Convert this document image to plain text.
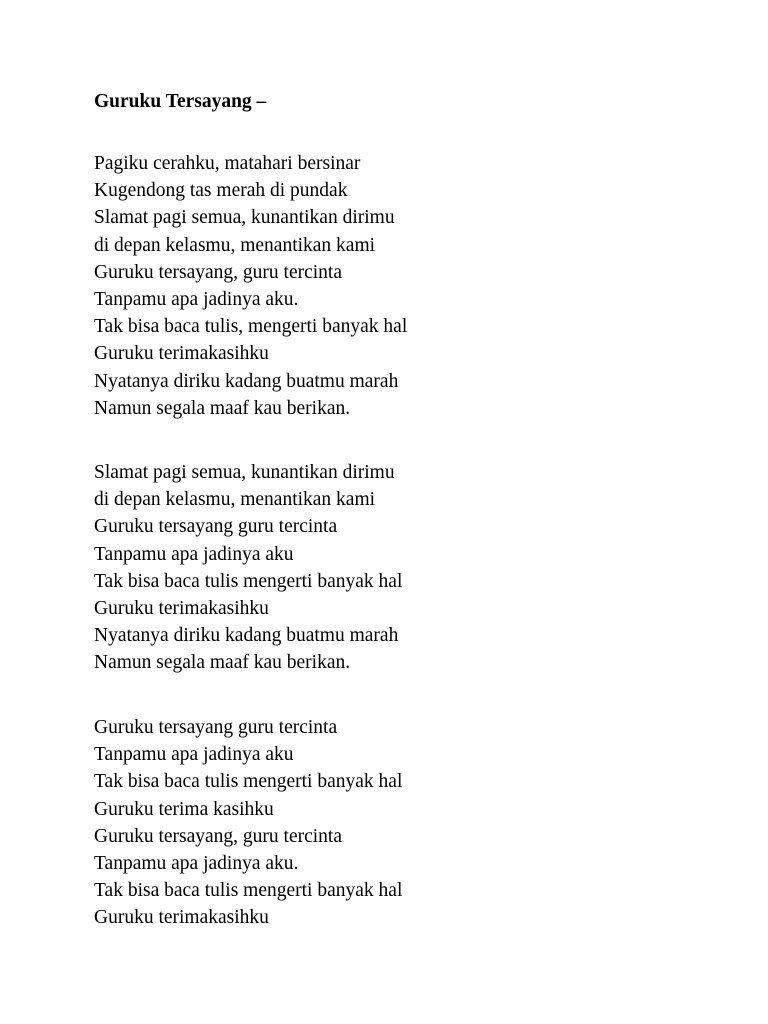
Guruku Tersayang –
Pagiku cerahku, matahari bersinar
Kugendong tas merah di pundak
Slamat pagi semua, kunantikan dirimu
di depan kelasmu, menantikan kami
Guruku tersayang, guru tercinta
Tanpamu apa jadinya aku.
Tak bisa baca tulis, mengerti banyak hal
Guruku terimakasihku
Nyatanya diriku kadang buatmu marah
Namun segala maaf kau berikan.
Slamat pagi semua, kunantikan dirimu
di depan kelasmu, menantikan kami
Guruku tersayang guru tercinta
Tanpamu apa jadinya aku
Tak bisa baca tulis mengerti banyak hal
Guruku terimakasihku
Nyatanya diriku kadang buatmu marah
Namun segala maaf kau berikan.
Guruku tersayang guru tercinta
Tanpamu apa jadinya aku
Tak bisa baca tulis mengerti banyak hal
Guruku terima kasihku
Guruku tersayang, guru tercinta
Tanpamu apa jadinya aku.
Tak bisa baca tulis mengerti banyak hal
Guruku terimakasihku
